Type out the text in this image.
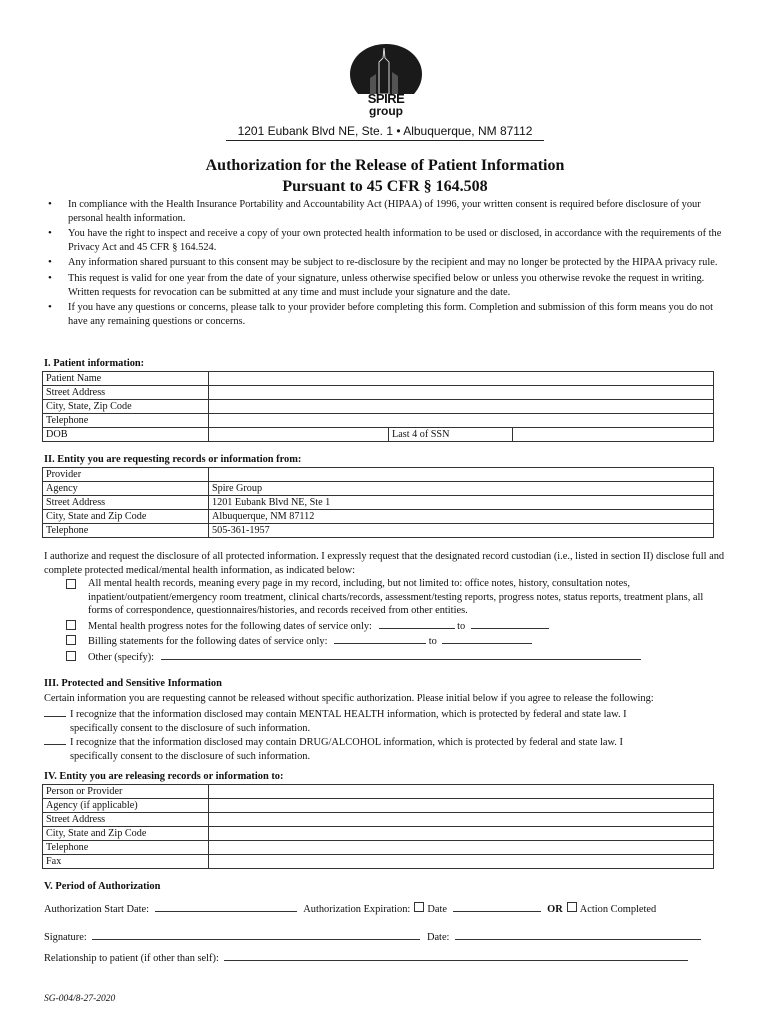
SPIRE
group
1201 Eubank Blvd NE, Ste. 1 • Albuquerque, NM 87112
Authorization for the Release of Patient Information
Pursuant to 45 CFR § 164.508
• In compliance with the Health Insurance Portability and Accountability Act (HIPAA) of 1996, your written consent is required before disclosure of your personal health information.
• You have the right to inspect and receive a copy of your own protected health information to be used or disclosed, in accordance with the requirements of the Privacy Act and 45 CFR § 164.524.
• Any information shared pursuant to this consent may be subject to re-disclosure by the recipient and may no longer be protected by the HIPAA privacy rule.
• This request is valid for one year from the date of your signature, unless otherwise specified below or unless you otherwise revoke the request in writing. Written requests for revocation can be submitted at any time and must include your signature and the date.
• If you have any questions or concerns, please talk to your provider before completing this form. Completion and submission of this form means you do not have any remaining questions or concerns.
I. Patient information:
Patient Name			
Street Address			
City, State, Zip Code			
Telephone			
DOB		Last 4 of SSN	
II. Entity you are requesting records or information from:
Provider	
Agency	Spire Group
Street Address	1201 Eubank Blvd NE, Ste 1
City, State and Zip Code	Albuquerque, NM 87112
Telephone	505-361-1957
I authorize and request the disclosure of all protected information. I expressly request that the designated record custodian (i.e., listed in section II) disclose full and complete protected medical/mental health information, as indicated below:
All mental health records, meaning every page in my record, including, but not limited to: office notes, history, consultation notes, inpatient/outpatient/emergency room treatment, clinical charts/records, assessment/testing reports, progress notes, status reports, treatment plans, all forms of correspondence, questionnaires/histories, and records received from other entities.
Mental health progress notes for the following dates of service only:	to
Billing statements for the following dates of service only:	to
Other (specify):
III. Protected and Sensitive Information
Certain information you are requesting cannot be released without specific authorization. Please initial below if you agree to release the following:
I recognize that the information disclosed may contain MENTAL HEALTH information, which is protected by federal and state law. I
specifically consent to the disclosure of such information.
I recognize that the information disclosed may contain DRUG/ALCOHOL information, which is protected by federal and state law. I
specifically consent to the disclosure of such information.
IV. Entity you are releasing records or information to:
Person or Provider	
Agency (if applicable)	
Street Address	
City, State and Zip Code	
Telephone	
Fax	
V. Period of Authorization
Authorization Start Date:	Authorization Expiration: Date	OR Action Completed
Signature:	Date:
Relationship to patient (if other than self):
SG-004/8-27-2020
